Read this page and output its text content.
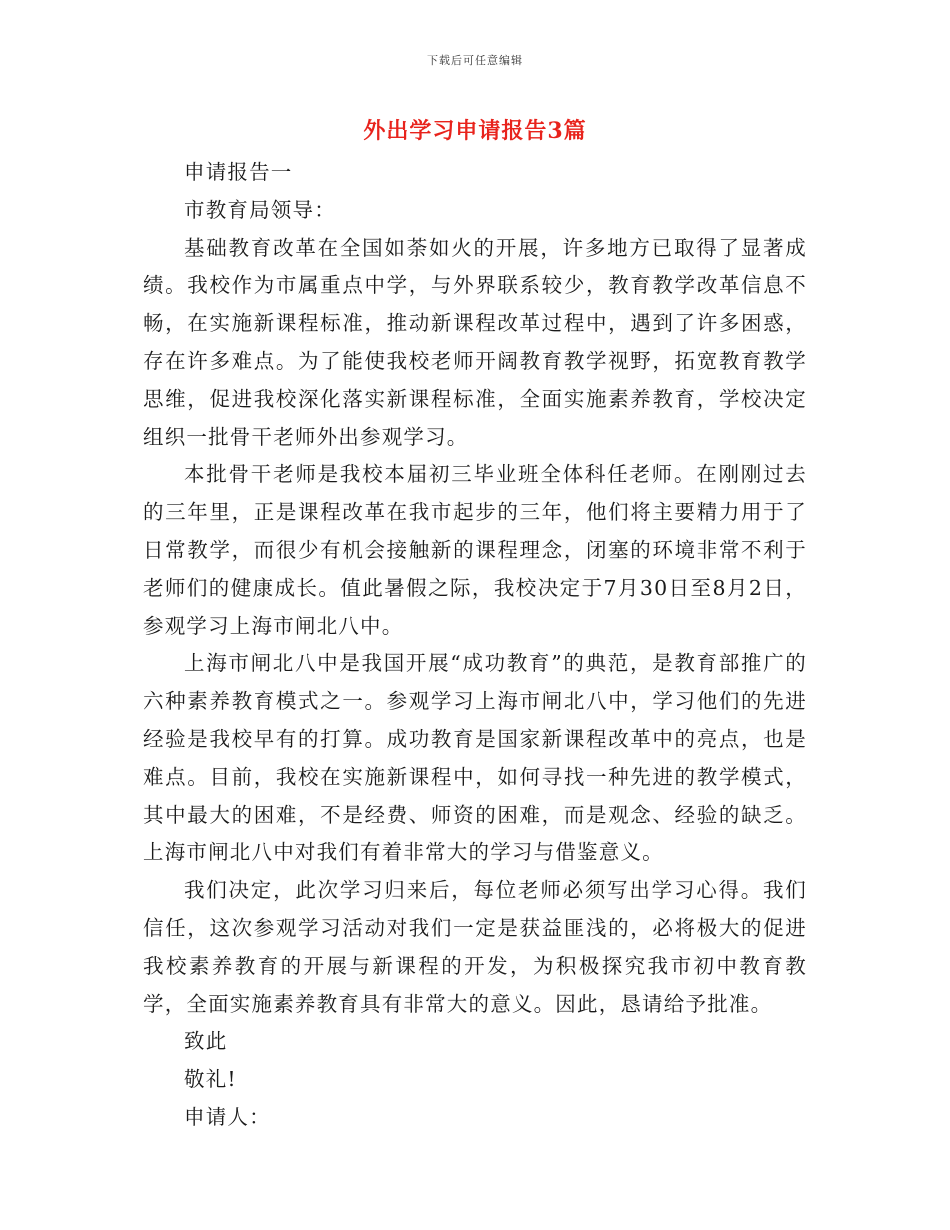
下载后可任意编辑
外出学习申请报告3篇

申请报告一

市教育局领导：

基础教育改革在全国如荼如火的开展，许多地方已取得了显著成绩。我校作为市属重点中学，与外界联系较少，教育教学改革信息不畅，在实施新课程标准，推动新课程改革过程中，遇到了许多困惑，存在许多难点。为了能使我校老师开阔教育教学视野，拓宽教育教学思维，促进我校深化落实新课程标准，全面实施素养教育，学校决定组织一批骨干老师外出参观学习。

本批骨干老师是我校本届初三毕业班全体科任老师。在刚刚过去的三年里，正是课程改革在我市起步的三年，他们将主要精力用于了日常教学，而很少有机会接触新的课程理念，闭塞的环境非常不利于老师们的健康成长。值此暑假之际，我校决定于7月30日至8月2日，参观学习上海市闸北八中。

上海市闸北八中是我国开展“成功教育”的典范，是教育部推广的六种素养教育模式之一。参观学习上海市闸北八中，学习他们的先进经验是我校早有的打算。成功教育是国家新课程改革中的亮点，也是难点。目前，我校在实施新课程中，如何寻找一种先进的教学模式，其中最大的困难，不是经费、师资的困难，而是观念、经验的缺乏。上海市闸北八中对我们有着非常大的学习与借鉴意义。

我们决定，此次学习归来后，每位老师必须写出学习心得。我们信任，这次参观学习活动对我们一定是获益匪浅的，必将极大的促进我校素养教育的开展与新课程的开发，为积极探究我市初中教育教学，全面实施素养教育具有非常大的意义。因此，恳请给予批准。

致此

敬礼!

申请人：
